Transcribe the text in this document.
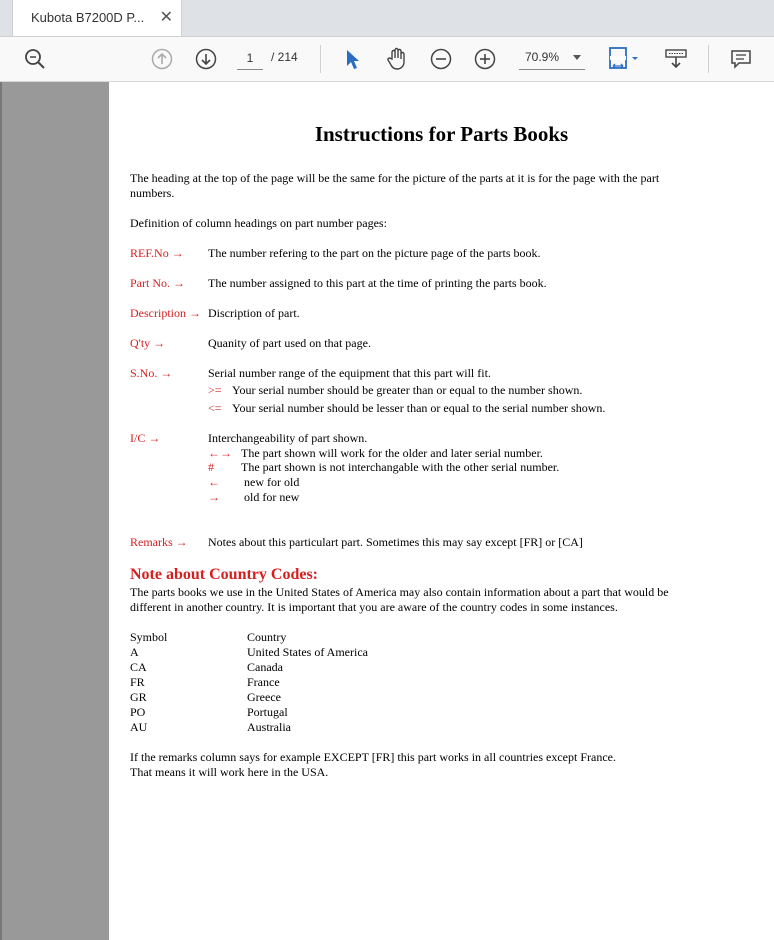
Kubota B7200D P... ✕
1
/ 214	70.9%
Instructions for Parts Books
The heading at the top of the page will be the same for the picture of the parts at it is for the page with the part
numbers.
Definition of column headings on part number pages:
REF.No → The number refering to the part on the picture page of the parts book.
Part No. → The number assigned to this part at the time of printing the parts book.
Description → Discription of part.
Q'ty →	Quanity of part used on that page.
S.No. →	Serial number range of the equipment that this part will fit.
>= Your serial number should be greater than or equal to the number shown.
<= Your serial number should be lesser than or equal to the serial number shown.
I/C →	Interchangeability of part shown.
←→ The part shown will work for the older and later serial number.
# The part shown is not interchangable with the other serial number.
← new for old
→ old for new
Remarks → Notes about this particulart part. Sometimes this may say except [FR] or [CA]
Note about Country Codes:
The parts books we use in the United States of America may also contain information about a part that would be
different in another country. It is important that you are aware of the country codes in some instances.
Symbol	Country
A	United States of America
CA	Canada
FR	France
GR	Greece
PO	Portugal
AU	Australia
If the remarks column says for example EXCEPT [FR] this part works in all countries except France.
That means it will work here in the USA.
